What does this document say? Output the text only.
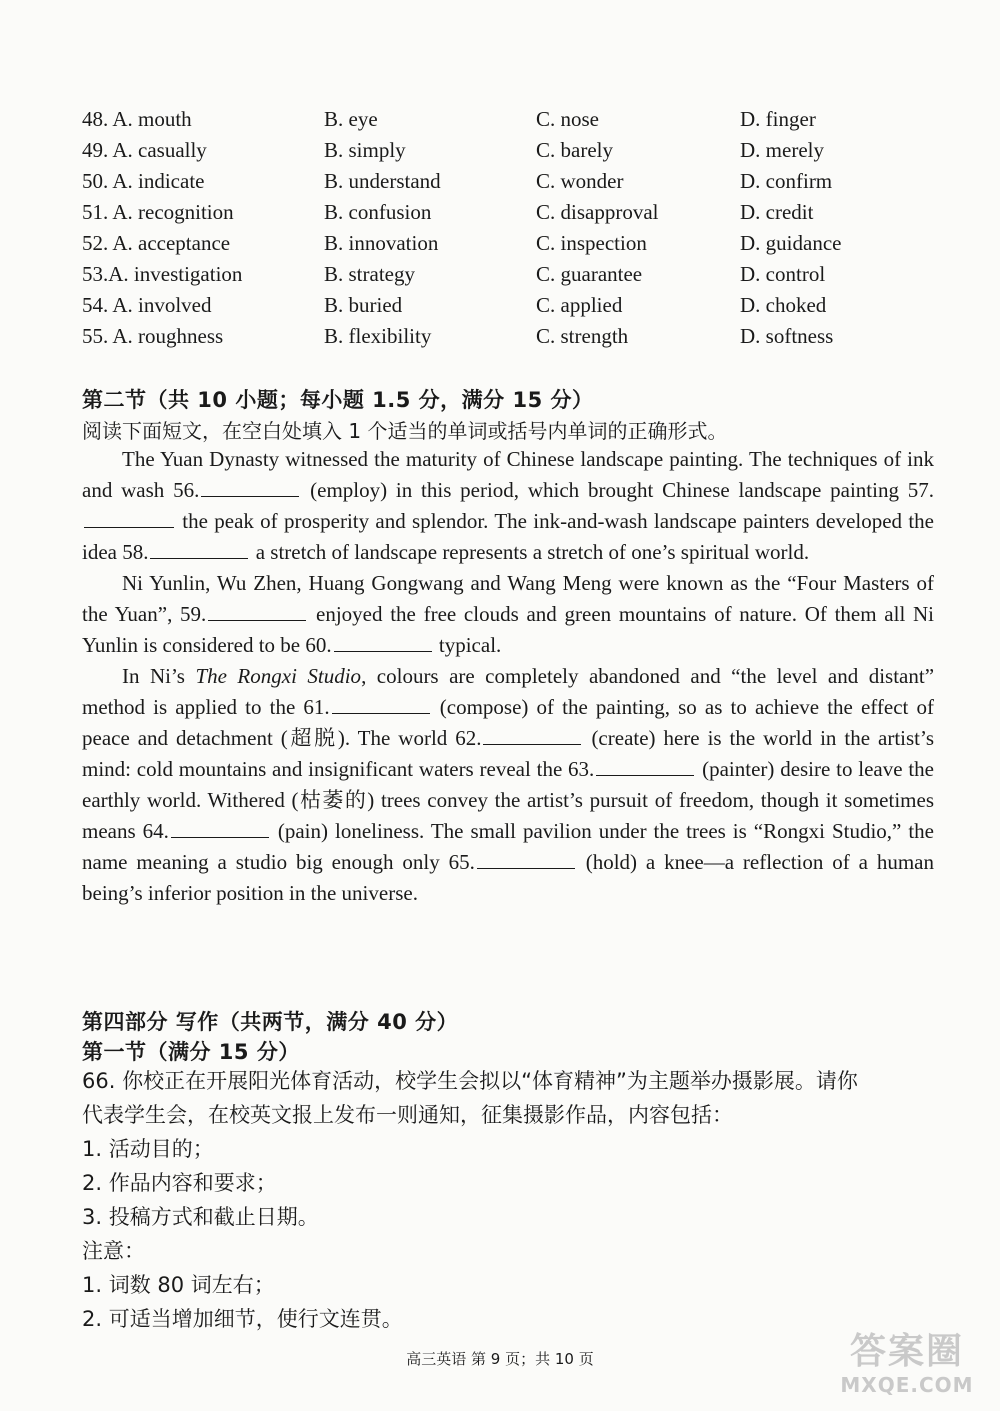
48. A. mouth	B. eye	C. nose	D. finger
49. A. casually	B. simply	C. barely	D. merely
50. A. indicate	B. understand	C. wonder	D. confirm
51. A. recognition	B. confusion	C. disapproval	D. credit
52. A. acceptance	B. innovation	C. inspection	D. guidance
53.A. investigation	B. strategy	C. guarantee	D. control
54. A. involved	B. buried	C. applied	D. choked
55. A. roughness	B. flexibility	C. strength	D. softness
第二节（共 10 小题；每小题 1.5 分，满分 15 分）
阅读下面短文，在空白处填入 1 个适当的单词或括号内单词的正确形式。

The Yuan Dynasty witnessed the maturity of Chinese landscape painting. The techniques of ink and wash 56.	(employ) in this period, which brought Chinese landscape painting 57. the peak of prosperity and splendor. The ink-and-wash landscape painters developed the idea 58.	a stretch of landscape represents a stretch of one’s spiritual world.

Ni Yunlin, Wu Zhen, Huang Gongwang and Wang Meng were known as the “Four Masters of the Yuan”, 59.	enjoyed the free clouds and green mountains of nature. Of them all Ni Yunlin is considered to be 60.	typical.

In Ni’s The Rongxi Studio, colours are completely abandoned and “the level and distant” method is applied to the 61.	(compose) of the painting, so as to achieve the effect of peace and detachment (超脱). The world 62.	(create) here is the world in the artist’s mind: cold mountains and insignificant waters reveal the 63.	(painter) desire to leave the earthly world. Withered (枯萎的) trees convey the artist’s pursuit of freedom, though it sometimes means 64.	(pain) loneliness. The small pavilion under the trees is “Rongxi Studio,” the name meaning a studio big enough only 65.	(hold) a knee—a reflection of a human being’s inferior position in the universe.

第四部分 写作（共两节，满分 40 分）
第一节（满分 15 分）
66. 你校正在开展阳光体育活动，校学生会拟以“体育精神”为主题举办摄影展。请你
代表学生会，在校英文报上发布一则通知，征集摄影作品，内容包括：
1. 活动目的；
2. 作品内容和要求；
3. 投稿方式和截止日期。
注意：
1. 词数 80 词左右；
2. 可适当增加细节，使行文连贯。
高三英语 第 9 页；共 10 页	答案圈
MXQE.COM
